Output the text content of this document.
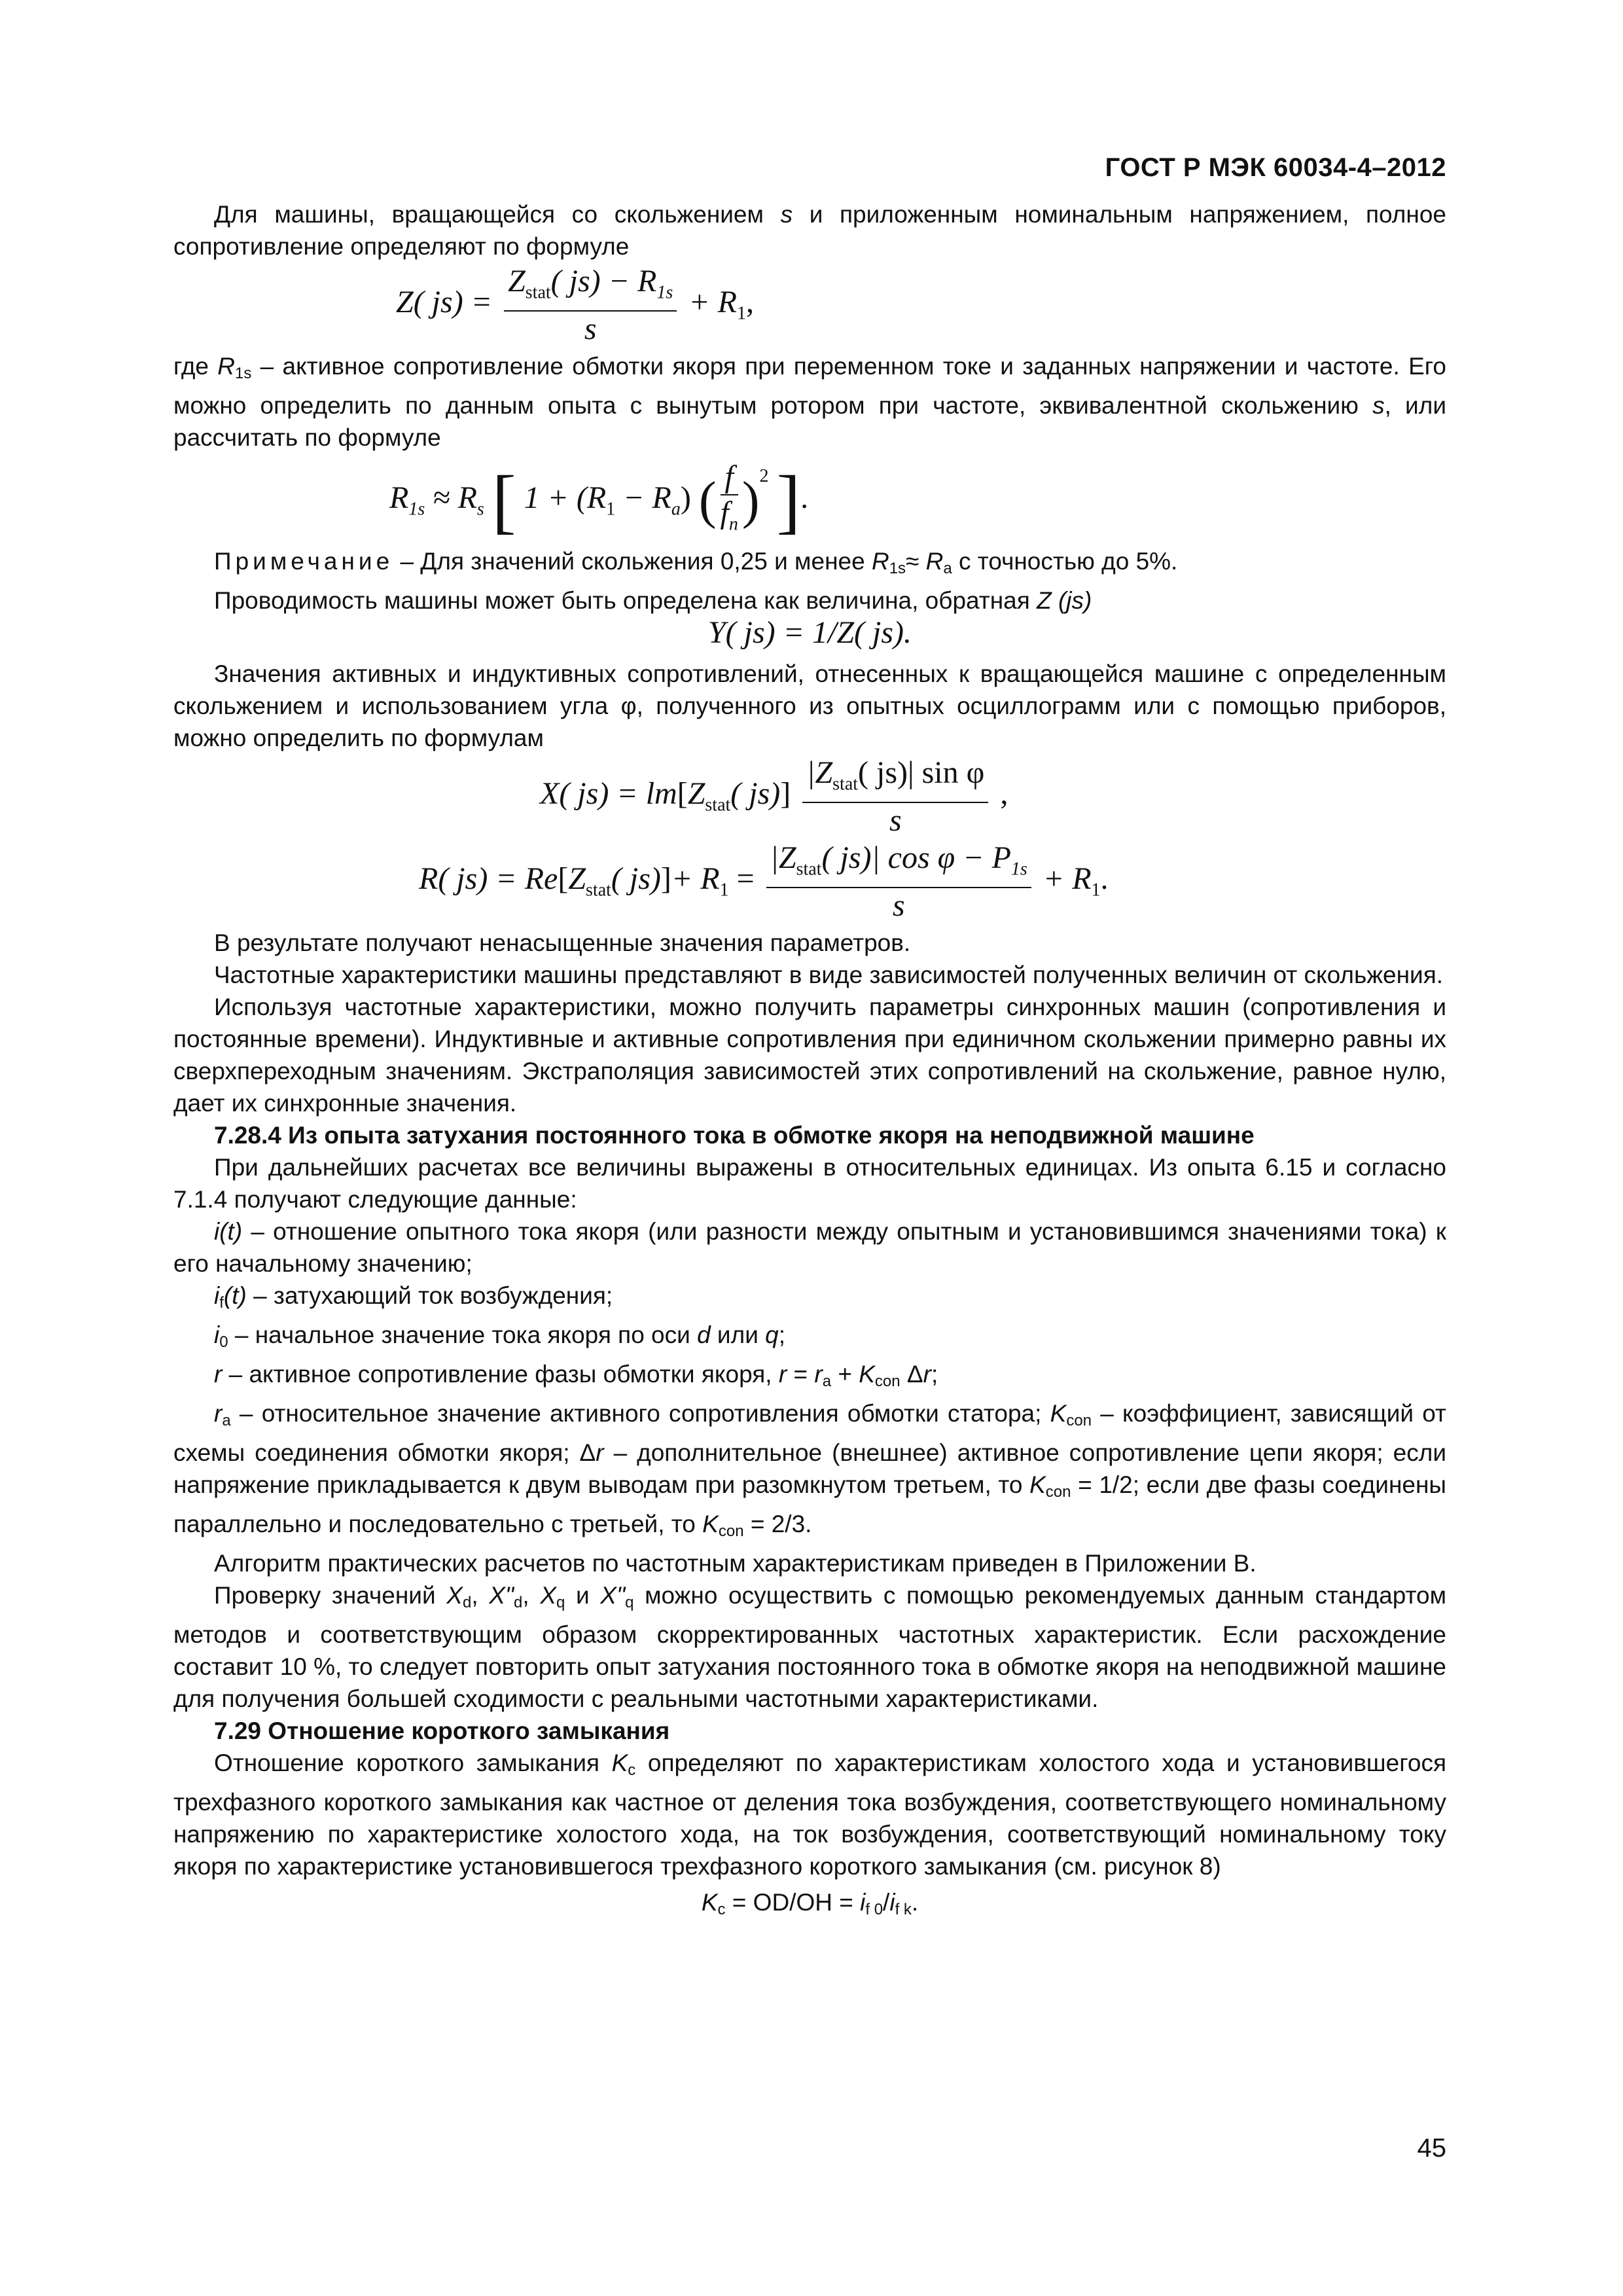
ГОСТ Р МЭК 60034-4–2012

Для машины, вращающейся со скольжением s и приложенным номинальным напряжением, полное сопротивление определяют по формуле

Z( $js) = \frac{Z_{stat}( js) - R_{1s}}{s} + R_1$,

где $R_{1s}$ – активное сопротивление обмотки якоря при переменном токе и заданных напряжении и частоте. Его можно определить по данным опыта с вынутым ротором при частоте, эквивалентной скольжению s, или рассчитать по формуле

$R_{1s} \approx R_s$ [ $1 + (R_1 - R_a)$ ( $\frac{f}{f_n} )^2$ ].

Примечание – Для значений скольжения 0,25 и менее $R_{1s}\approx R_a$ с точностью до 5%.

Проводимость машины может быть определена как величина, обратная Z (js)

Y( js) = 1/Z( js).

Значения активных и индуктивных сопротивлений, отнесенных к вращающейся машине с определенным скольжением и использованием угла φ, полученного из опытных осциллограмм или с помощью приборов, можно определить по формулам

X( $js) = lm[Z_{stat}$( $js)] \frac{|Z_{stat}( js)| \sin \varphi}{s}$ ,
R( $js) = Re[Z_{stat}$( $js)]+ R_1 = \frac{|Z_{stat}( js)| \cos \varphi - P_{1s}}{s} + R_1$.

В результате получают ненасыщенные значения параметров.

Частотные характеристики машины представляют в виде зависимостей полученных величин от скольжения.

Используя частотные характеристики, можно получить параметры синхронных машин (сопротивления и постоянные времени). Индуктивные и активные сопротивления при единичном скольжении примерно равны их сверхпереходным значениям. Экстраполяция зависимостей этих сопротивлений на скольжение, равное нулю, дает их синхронные значения.

7.28.4 Из опыта затухания постоянного тока в обмотке якоря на неподвижной машине

При дальнейших расчетах все величины выражены в относительных единицах. Из опыта 6.15 и согласно 7.1.4 получают следующие данные:

i(t) – отношение опытного тока якоря (или разности между опытным и установившимся значениями тока) к его начальному значению;

$i_f(t)$ – затухающий ток возбуждения;

$i_0$ – начальное значение тока якоря по оси d или q;

r – активное сопротивление фазы обмотки якоря, $r = r_a + K_{con}$ Δr;

$r_a$ – относительное значение активного сопротивления обмотки статора; $K_{con}$ – коэффициент, зависящий от схемы соединения обмотки якоря; Δr – дополнительное (внешнее) активное сопротивление цепи якоря; если напряжение прикладывается к двум выводам при разомкнутом третьем, то $K_{con} = 1/2$; если две фазы соединены параллельно и последовательно с третьей, то $K_{con} = 2/3$.

Алгоритм практических расчетов по частотным характеристикам приведен в Приложении В.

Проверку значений $X_d$, $X"_d$, $X_q$ и $X"_q$ можно осуществить с помощью рекомендуемых данным стандартом методов и соответствующим образом скорректированных частотных характеристик. Если расхождение составит 10 %, то следует повторить опыт затухания постоянного тока в обмотке якоря на неподвижной машине для получения большей сходимости с реальными частотными характеристиками.

7.29 Отношение короткого замыкания

Отношение короткого замыкания $K_c$ определяют по характеристикам холостого хода и установившегося трехфазного короткого замыкания как частное от деления тока возбуждения, соответствующего номинальному напряжению по характеристике холостого хода, на ток возбуждения, соответствующий номинальному току якоря по характеристике установившегося трехфазного короткого замыкания (см. рисунок 8)

$K_c = OD/OH = i_{f 0}/i_{f k}$.

45
